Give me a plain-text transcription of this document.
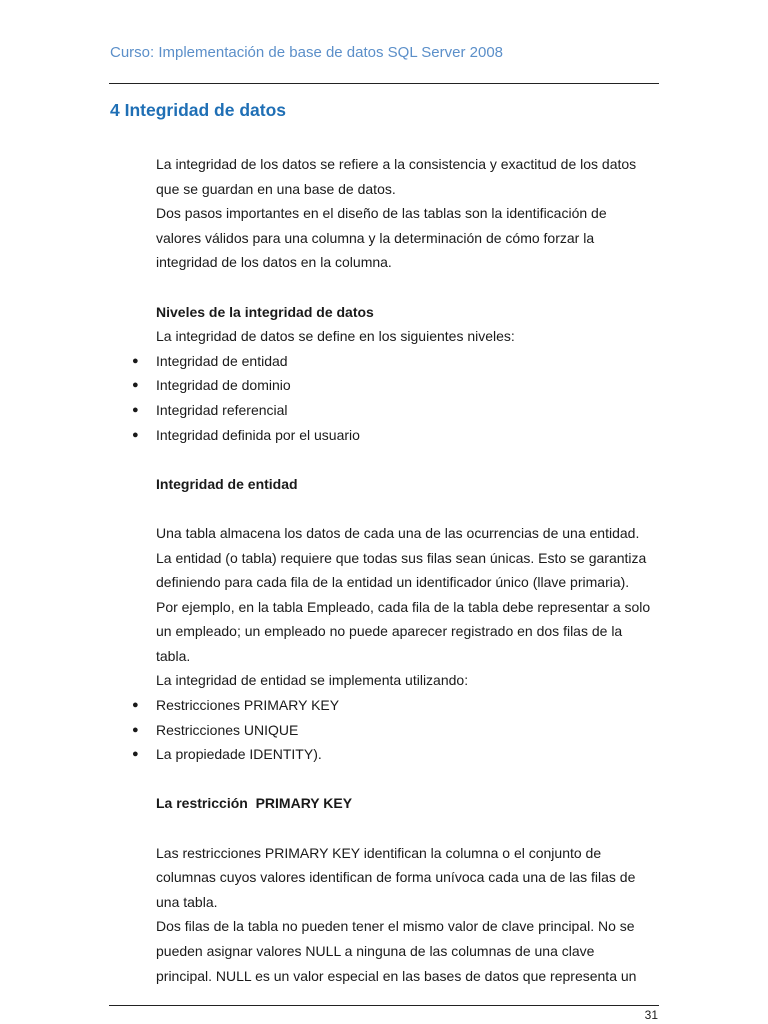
Curso: Implementación de base de datos SQL Server 2008
4 Integridad de datos

La integridad de los datos se refiere a la consistencia y exactitud de los datos

que se guardan en una base de datos.

Dos pasos importantes en el diseño de las tablas son la identificación de

valores válidos para una columna y la determinación de cómo forzar la

integridad de los datos en la columna.

Niveles de la integridad de datos

La integridad de datos se define en los siguientes niveles:

● Integridad de entidad
● Integridad de dominio
● Integridad referencial
● Integridad definida por el usuario

Integridad de entidad

Una tabla almacena los datos de cada una de las ocurrencias de una entidad.

La entidad (o tabla) requiere que todas sus filas sean únicas. Esto se garantiza

definiendo para cada fila de la entidad un identificador único (llave primaria).

Por ejemplo, en la tabla Empleado, cada fila de la tabla debe representar a solo

un empleado; un empleado no puede aparecer registrado en dos filas de la

tabla.

La integridad de entidad se implementa utilizando:

● Restricciones PRIMARY KEY
● Restricciones UNIQUE
● La propiedade IDENTITY).

La restricción  PRIMARY KEY

Las restricciones PRIMARY KEY identifican la columna o el conjunto de

columnas cuyos valores identifican de forma unívoca cada una de las filas de

una tabla.

Dos filas de la tabla no pueden tener el mismo valor de clave principal. No se

pueden asignar valores NULL a ninguna de las columnas de una clave

principal. NULL es un valor especial en las bases de datos que representa un

31
